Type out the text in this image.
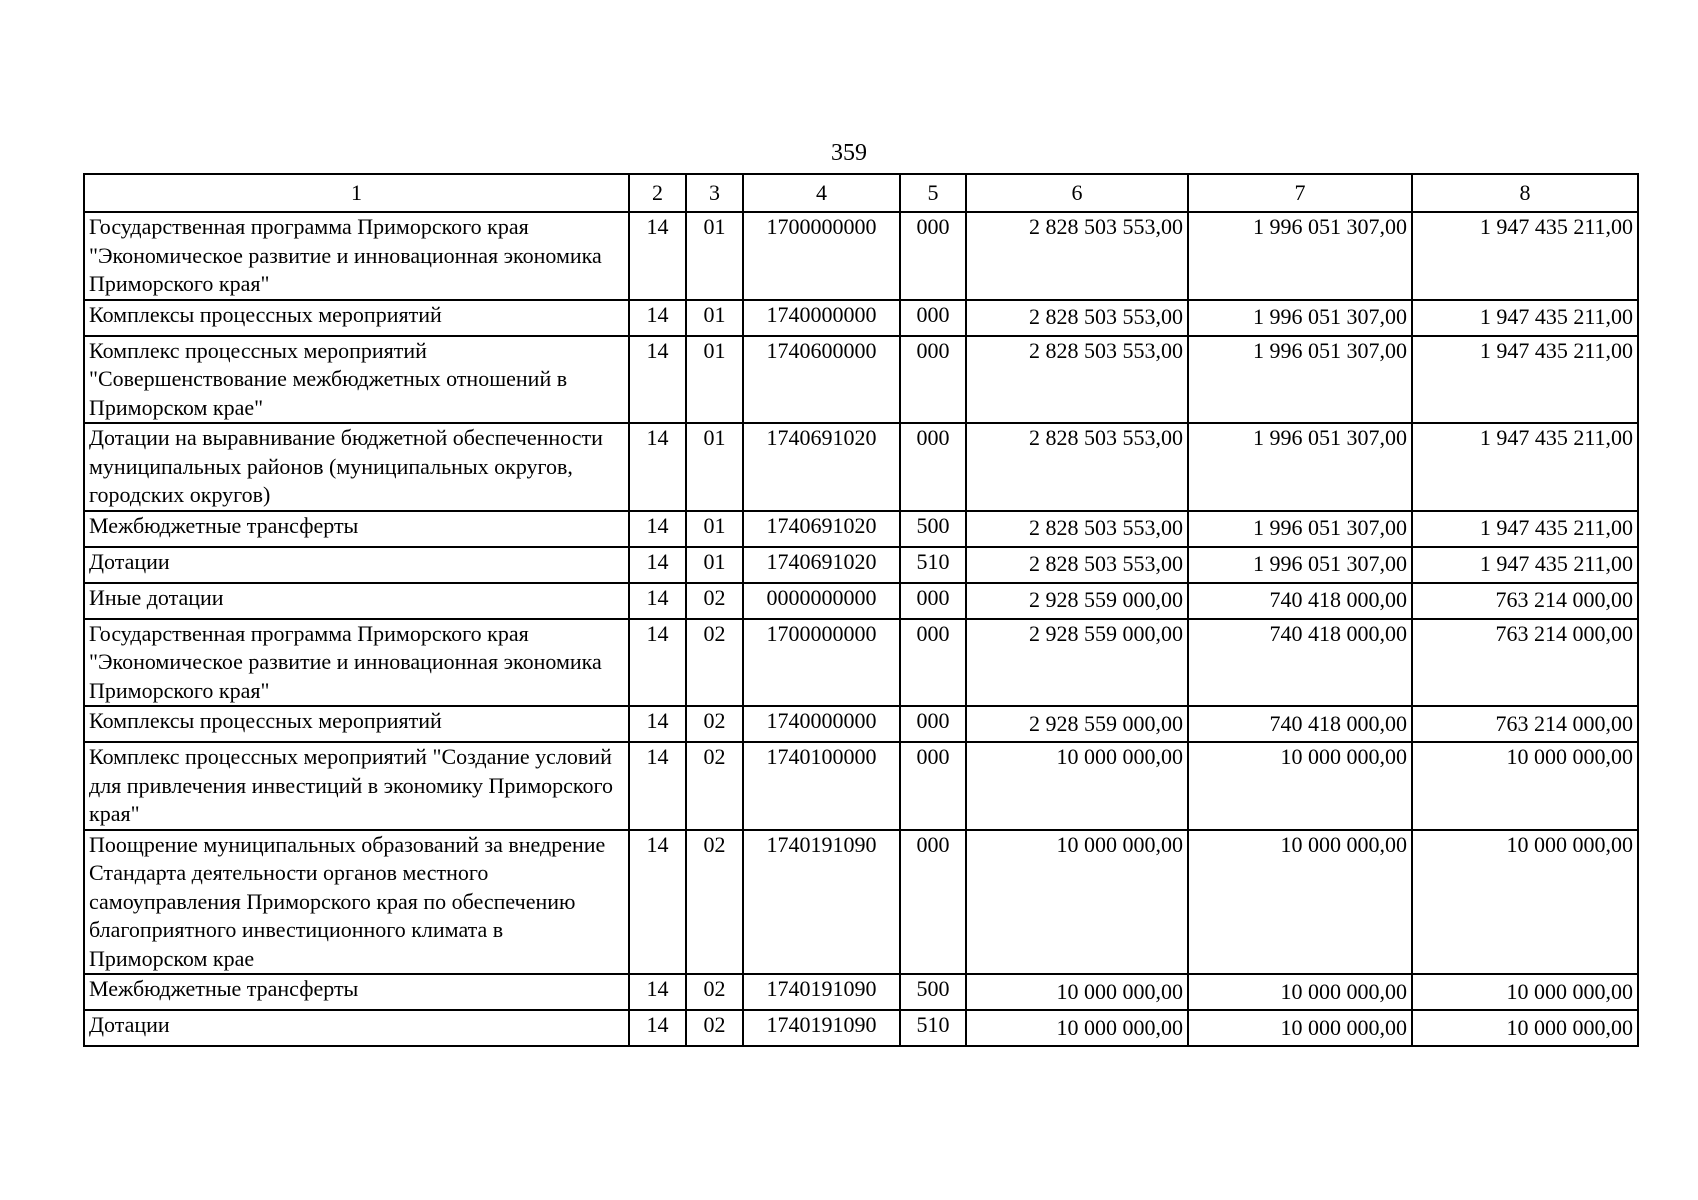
359
1	2	3	4	5	6	7	8
Государственная программа Приморского края "Экономическое развитие и инновационная экономика Приморского края"	14	01	1700000000	000	2 828 503 553,00	1 996 051 307,00	1 947 435 211,00
Комплексы процессных мероприятий	14	01	1740000000	000	2 828 503 553,00	1 996 051 307,00	1 947 435 211,00
Комплекс процессных мероприятий "Совершенствование межбюджетных отношений в Приморском крае"	14	01	1740600000	000	2 828 503 553,00	1 996 051 307,00	1 947 435 211,00
Дотации на выравнивание бюджетной обеспеченности муниципальных районов (муниципальных округов, городских округов)	14	01	1740691020	000	2 828 503 553,00	1 996 051 307,00	1 947 435 211,00
Межбюджетные трансферты	14	01	1740691020	500	2 828 503 553,00	1 996 051 307,00	1 947 435 211,00
Дотации	14	01	1740691020	510	2 828 503 553,00	1 996 051 307,00	1 947 435 211,00
Иные дотации	14	02	0000000000	000	2 928 559 000,00	740 418 000,00	763 214 000,00
Государственная программа Приморского края "Экономическое развитие и инновационная экономика Приморского края"	14	02	1700000000	000	2 928 559 000,00	740 418 000,00	763 214 000,00
Комплексы процессных мероприятий	14	02	1740000000	000	2 928 559 000,00	740 418 000,00	763 214 000,00
Комплекс процессных мероприятий "Создание условий для привлечения инвестиций в экономику Приморского края"	14	02	1740100000	000	10 000 000,00	10 000 000,00	10 000 000,00
Поощрение муниципальных образований за внедрение Стандарта деятельности органов местного самоуправления Приморского края по обеспечению благоприятного инвестиционного климата в Приморском крае	14	02	1740191090	000	10 000 000,00	10 000 000,00	10 000 000,00
Межбюджетные трансферты	14	02	1740191090	500	10 000 000,00	10 000 000,00	10 000 000,00
Дотации	14	02	1740191090	510	10 000 000,00	10 000 000,00	10 000 000,00
